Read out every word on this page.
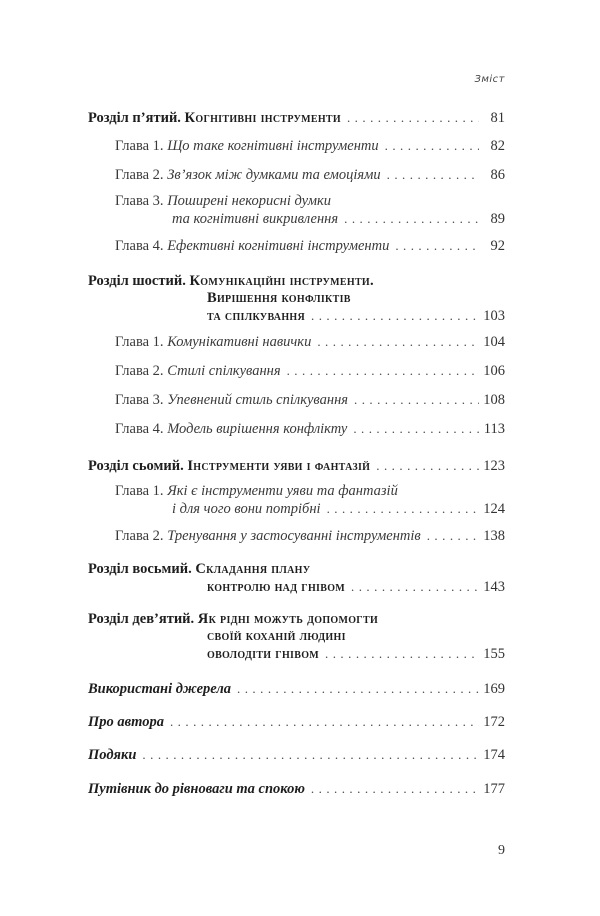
Зміст
Розділ п’ятий. Когнітивні інструменти . . .	81
Глава 1. Що таке когнітивні інструменти . . .	82
Глава 2. Зв’язок між думками та емоціями . . .	86
Глава 3. Поширені некорисні думки
та когнітивні викривлення . . .	89
Глава 4. Ефективні когнітивні інструменти . . .	92
Розділ шостий. Комунікаційні інструменти.
Вирішення конфліктів
та спілкування . . .	103
Глава 1. Комунікативні навички . . .	104
Глава 2. Стилі спілкування . . .	106
Глава 3. Упевнений стиль спілкування . . .	108
Глава 4. Модель вирішення конфлікту . . .	113
Розділ сьомий. Інструменти уяви і фантазій . . .	123
Глава 1. Які є інструменти уяви та фантазій
і для чого вони потрібні . . .	124
Глава 2. Тренування у застосуванні інструментів . . .	138
Розділ восьмий. Складання плану
контролю над гнівом . . .	143
Розділ дев’ятий. Як рідні можуть допомогти
своїй коханій людині
оволодіти гнівом . . .	155
Використані джерела . . .	169
Про автора . . .	172
Подяки . . .	174
Путівник до рівноваги та спокою . . .	177
9
